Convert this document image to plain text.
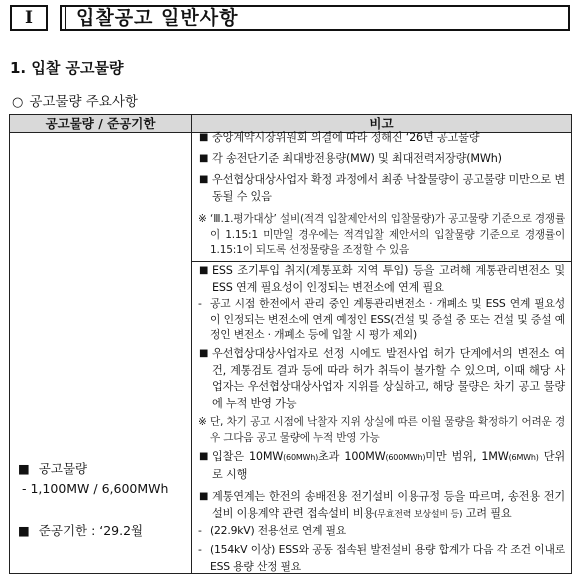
I	입찰공고 일반사항
1. 입찰 공고물량
○ 공고물량 주요사항
공고물량 / 준공기한	비고
■ 공고물량
- 1,100MW / 6,600MWh
■ 준공기한 : ‘29.2월
■ 중앙계약시장위원회 의결에 따라 정해진 ‘26년 공고물량
■ 각 송전단기준 최대방전용량(MW) 및 최대전력저장량(MWh)
■ 우선협상대상사업자 확정 과정에서 최종 낙찰물량이 공고물량 미만으로 변동될 수 있음
※ ‘Ⅲ.1.평가대상’ 설비(적격 입찰제안서의 입찰물량)가 공고물량 기준으로 경쟁률이 1.15:1 미만일 경우에는 적격입찰 제안서의 입찰물량 기준으로 경쟁률이 1.15:1이 되도록 선정물량을 조정할 수 있음
■ ESS 조기투입 취지(계통포화 지역 투입) 등을 고려해 계통관리변전소 및 ESS 연계 필요성이 인정되는 변전소에 연계 필요
- 공고 시점 한전에서 관리 중인 계통관리변전소 · 개폐소 및 ESS 연계 필요성이 인정되는 변전소에 연계 예정인 ESS(건설 및 증설 중 또는 건설 및 증설 예정인 변전소 · 개폐소 등에 입찰 시 평가 제외)
■ 우선협상대상사업자로 선정 시에도 발전사업 허가 단계에서의 변전소 여건, 계통검토 결과 등에 따라 허가 취득이 불가할 수 있으며, 이때 해당 사업자는 우선협상대상사업자 지위를 상실하고, 해당 물량은 차기 공고 물량에 누적 반영 가능
※ 단, 차기 공고 시점에 낙찰자 지위 상실에 따른 이월 물량을 확정하기 어려운 경우 그다음 공고 물량에 누적 반영 가능
■ 입찰은 10MW(60MWh)초과 100MW(600MWh)미만 범위, 1MW(6MWh) 단위로 시행
■ 계통연계는 한전의 송배전용 전기설비 이용규정 등을 따르며, 송전용 전기설비 이용계약 관련 접속설비 비용(무효전력 보상설비 등) 고려 필요
- (22.9kV) 전용선로 연계 필요
- (154kV 이상) ESS와 공동 접속된 발전설비 용량 합계가 다음 각 조건 이내로 ESS 용량 산정 필요
